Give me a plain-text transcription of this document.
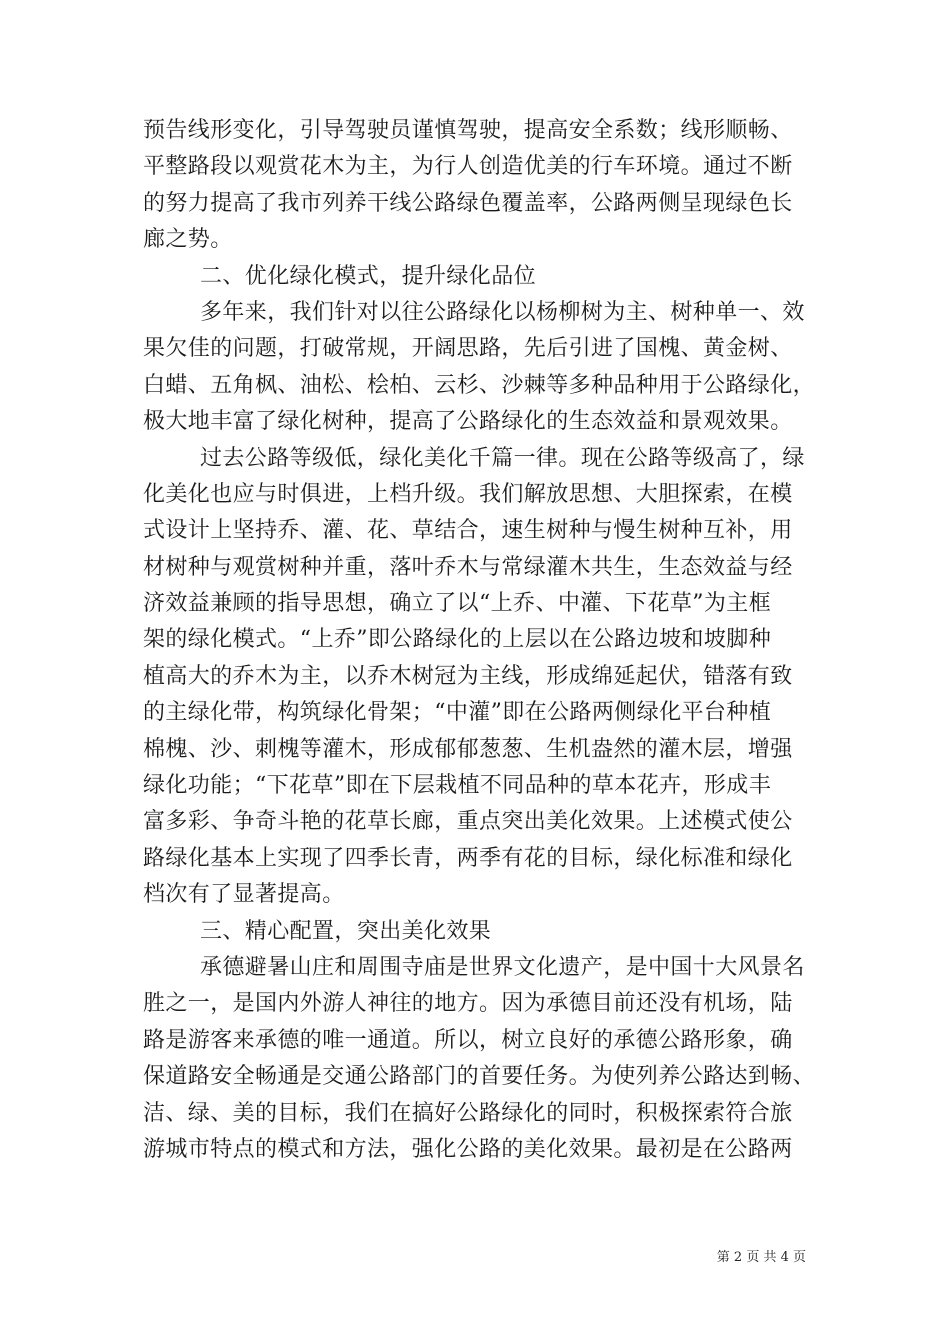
预告线形变化，引导驾驶员谨慎驾驶，提高安全系数；线形顺畅、
平整路段以观赏花木为主，为行人创造优美的行车环境。通过不断
的努力提高了我市列养干线公路绿色覆盖率，公路两侧呈现绿色长
廊之势。
二、优化绿化模式，提升绿化品位
多年来，我们针对以往公路绿化以杨柳树为主、树种单一、效
果欠佳的问题，打破常规，开阔思路，先后引进了国槐、黄金树、
白蜡、五角枫、油松、桧柏、云杉、沙棘等多种品种用于公路绿化，
极大地丰富了绿化树种，提高了公路绿化的生态效益和景观效果。
过去公路等级低，绿化美化千篇一律。现在公路等级高了，绿
化美化也应与时俱进，上档升级。我们解放思想、大胆探索，在模
式设计上坚持乔、灌、花、草结合，速生树种与慢生树种互补，用
材树种与观赏树种并重，落叶乔木与常绿灌木共生，生态效益与经
济效益兼顾的指导思想，确立了以“上乔、中灌、下花草”为主框
架的绿化模式。“上乔”即公路绿化的上层以在公路边坡和坡脚种
植高大的乔木为主，以乔木树冠为主线，形成绵延起伏，错落有致
的主绿化带，构筑绿化骨架；“中灌”即在公路两侧绿化平台种植
棉槐、沙、刺槐等灌木，形成郁郁葱葱、生机盎然的灌木层，增强
绿化功能；“下花草”即在下层栽植不同品种的草本花卉，形成丰
富多彩、争奇斗艳的花草长廊，重点突出美化效果。上述模式使公
路绿化基本上实现了四季长青，两季有花的目标，绿化标准和绿化
档次有了显著提高。
三、精心配置，突出美化效果
承德避暑山庄和周围寺庙是世界文化遗产，是中国十大风景名
胜之一，是国内外游人神往的地方。因为承德目前还没有机场，陆
路是游客来承德的唯一通道。所以，树立良好的承德公路形象，确
保道路安全畅通是交通公路部门的首要任务。为使列养公路达到畅、
洁、绿、美的目标，我们在搞好公路绿化的同时，积极探索符合旅
游城市特点的模式和方法，强化公路的美化效果。最初是在公路两
第 2 页 共 4 页
